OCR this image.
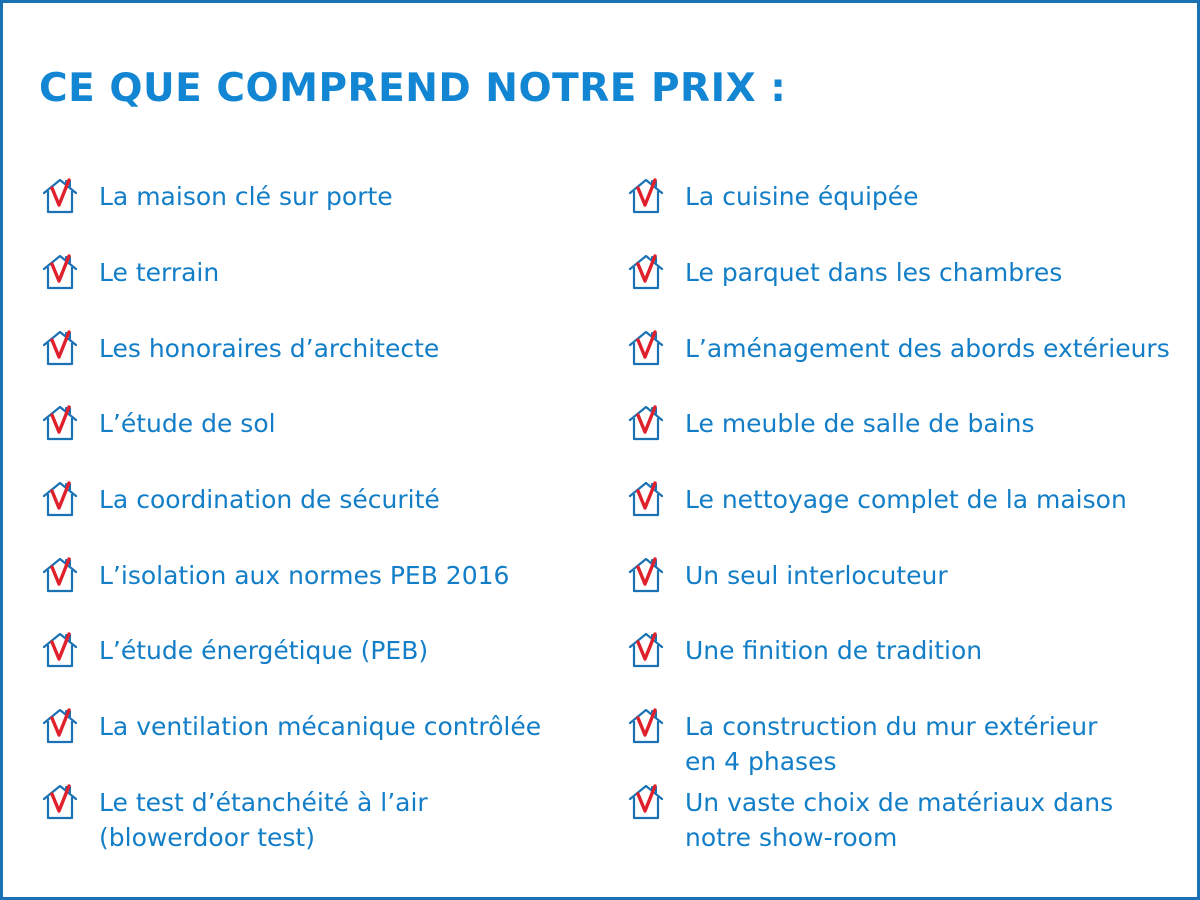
CE QUE COMPREND NOTRE PRIX :
La maison clé sur porte
Le terrain
Les honoraires d’architecte
L’étude de sol
La coordination de sécurité
L’isolation aux normes PEB 2016
L’étude énergétique (PEB)
La ventilation mécanique contrôlée
Le test d’étanchéité à l’air
(blowerdoor test)
La cuisine équipée
Le parquet dans les chambres
L’aménagement des abords extérieurs
Le meuble de salle de bains
Le nettoyage complet de la maison
Un seul interlocuteur
Une finition de tradition
La construction du mur extérieur
en 4 phases
Un vaste choix de matériaux dans
notre show-room
